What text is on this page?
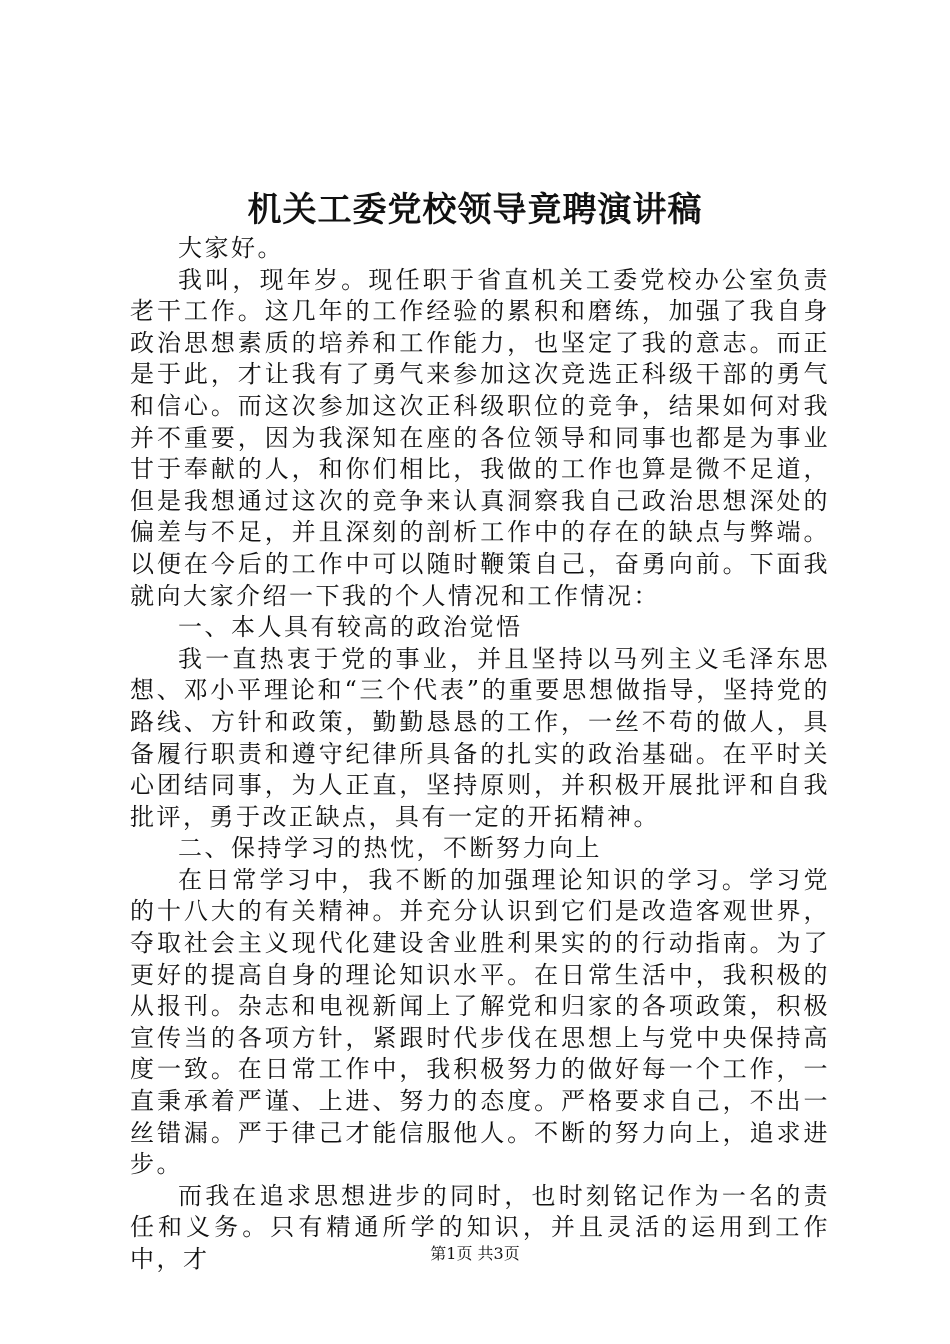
机关工委党校领导竟聘演讲稿

大家好。

我叫，现年岁。现任职于省直机关工委党校办公室负责老干工作。这几年的工作经验的累积和磨练，加强了我自身政治思想素质的培养和工作能力，也坚定了我的意志。而正是于此，才让我有了勇气来参加这次竞选正科级干部的勇气和信心。而这次参加这次正科级职位的竞争，结果如何对我并不重要，因为我深知在座的各位领导和同事也都是为事业甘于奉献的人，和你们相比，我做的工作也算是微不足道，但是我想通过这次的竞争来认真洞察我自己政治思想深处的偏差与不足，并且深刻的剖析工作中的存在的缺点与弊端。以便在今后的工作中可以随时鞭策自己，奋勇向前。下面我就向大家介绍一下我的个人情况和工作情况：

一、本人具有较高的政治觉悟

我一直热衷于党的事业，并且坚持以马列主义毛泽东思想、邓小平理论和“三个代表”的重要思想做指导，坚持党的路线、方针和政策，勤勤恳恳的工作，一丝不苟的做人，具备履行职责和遵守纪律所具备的扎实的政治基础。在平时关心团结同事，为人正直，坚持原则，并积极开展批评和自我批评，勇于改正缺点，具有一定的开拓精神。

二、保持学习的热忱，不断努力向上

在日常学习中，我不断的加强理论知识的学习。学习党的十八大的有关精神。并充分认识到它们是改造客观世界，夺取社会主义现代化建设舍业胜利果实的的行动指南。为了更好的提高自身的理论知识水平。在日常生活中，我积极的从报刊。杂志和电视新闻上了解党和归家的各项政策，积极宣传当的各项方针，紧跟时代步伐在思想上与党中央保持高度一致。在日常工作中，我积极努力的做好每一个工作，一直秉承着严谨、上进、努力的态度。严格要求自己，不出一丝错漏。严于律己才能信服他人。不断的努力向上，追求进步。

而我在追求思想进步的同时，也时刻铭记作为一名的责任和义务。只有精通所学的知识，并且灵活的运用到工作中，才	第1页 共3页
